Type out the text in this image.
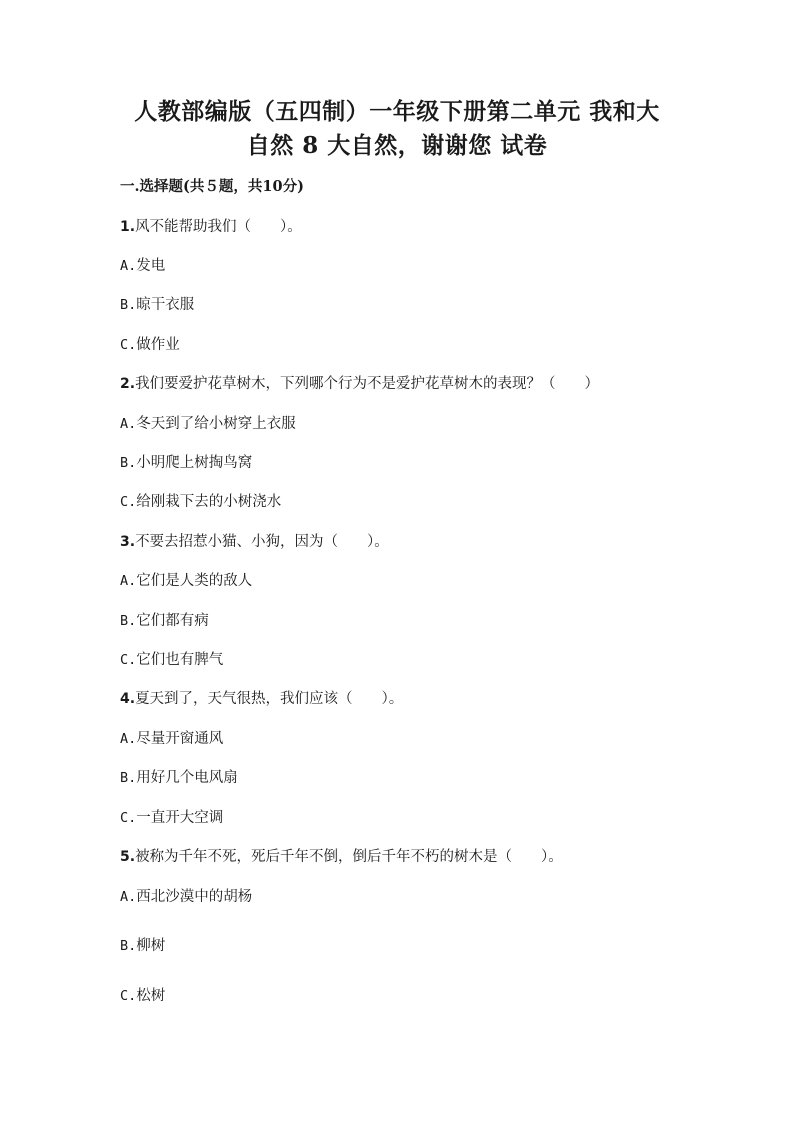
人教部编版（五四制）一年级下册第二单元 我和大
自然 8 大自然，谢谢您 试卷
一.选择题(共５题，共10分)
1.风不能帮助我们（　　）。
A.发电
B.晾干衣服
C.做作业
2.我们要爱护花草树木，下列哪个行为不是爱护花草树木的表现？（　　）
A.冬天到了给小树穿上衣服
B.小明爬上树掏鸟窝
C.给刚栽下去的小树浇水
3.不要去招惹小猫、小狗，因为（　　）。
A.它们是人类的敌人
B.它们都有病
C.它们也有脾气
4.夏天到了，天气很热，我们应该（　　）。
A.尽量开窗通风
B.用好几个电风扇
C.一直开大空调
5.被称为千年不死，死后千年不倒，倒后千年不朽的树木是（　　）。
A.西北沙漠中的胡杨
B.柳树
C.松树
